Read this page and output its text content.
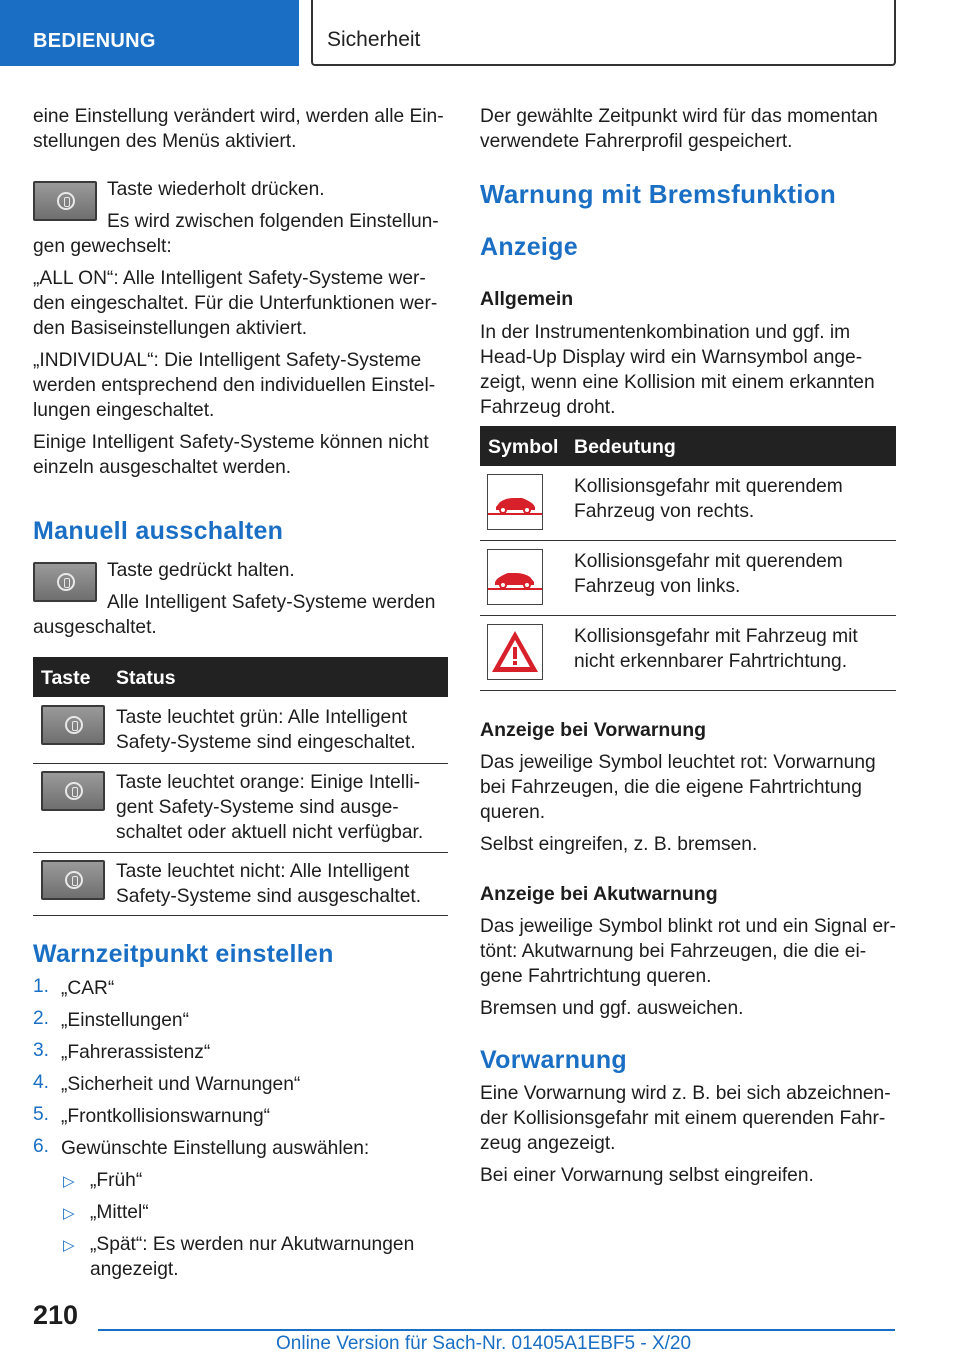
BEDIENUNG	Sicherheit
eine Einstellung verändert wird, werden alle Ein-
stellungen des Menüs aktiviert.
Taste wiederholt drücken.
Es wird zwischen folgenden Einstellun-
gen gewechselt:
„ALL ON“: Alle Intelligent Safety-Systeme wer-
den eingeschaltet. Für die Unterfunktionen wer-
den Basiseinstellungen aktiviert.
„INDIVIDUAL“: Die Intelligent Safety-Systeme
werden entsprechend den individuellen Einstel-
lungen eingeschaltet.
Einige Intelligent Safety-Systeme können nicht
einzeln ausgeschaltet werden.
Manuell ausschalten
Taste gedrückt halten.
Alle Intelligent Safety-Systeme werden
ausgeschaltet.
Taste Status
Taste leuchtet grün: Alle Intelligent
Safety-Systeme sind eingeschaltet.
Taste leuchtet orange: Einige Intelli-
gent Safety-Systeme sind ausge-
schaltet oder aktuell nicht verfügbar.
Taste leuchtet nicht: Alle Intelligent
Safety-Systeme sind ausgeschaltet.
Warnzeitpunkt einstellen
1. „CAR“
2. „Einstellungen“
3. „Fahrerassistenz“
4. „Sicherheit und Warnungen“
5. „Frontkollisionswarnung“
6. Gewünschte Einstellung auswählen:
▷ „Früh“
▷ „Mittel“
▷ „Spät“: Es werden nur Akutwarnungen
angezeigt.
Der gewählte Zeitpunkt wird für das momentan
verwendete Fahrerprofil gespeichert.
Warnung mit Bremsfunktion
Anzeige
Allgemein
In der Instrumentenkombination und ggf. im
Head-Up Display wird ein Warnsymbol ange-
zeigt, wenn eine Kollision mit einem erkannten
Fahrzeug droht.
Symbol Bedeutung
Kollisionsgefahr mit querendem
Fahrzeug von rechts.
Kollisionsgefahr mit querendem
Fahrzeug von links.
Kollisionsgefahr mit Fahrzeug mit
nicht erkennbarer Fahrtrichtung.
Anzeige bei Vorwarnung
Das jeweilige Symbol leuchtet rot: Vorwarnung
bei Fahrzeugen, die die eigene Fahrtrichtung
queren.
Selbst eingreifen, z. B. bremsen.
Anzeige bei Akutwarnung
Das jeweilige Symbol blinkt rot und ein Signal er-
tönt: Akutwarnung bei Fahrzeugen, die die ei-
gene Fahrtrichtung queren.
Bremsen und ggf. ausweichen.
Vorwarnung
Eine Vorwarnung wird z. B. bei sich abzeichnen-
der Kollisionsgefahr mit einem querenden Fahr-
zeug angezeigt.
Bei einer Vorwarnung selbst eingreifen.
210
Online Version für Sach-Nr. 01405A1EBF5 - X/20
